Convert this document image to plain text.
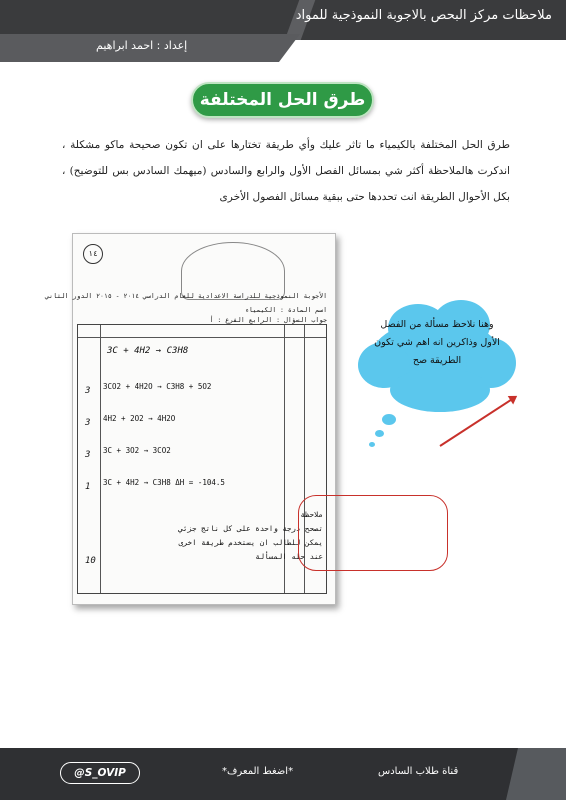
ملاحظات مركز البحص بالاجوبة النموذجية للمواد
إعداد : احمد ابراهيم
طرق الحل المختلفة

طرق الحل المختلفة بالكيمياء ما تاثر عليك وأي طريقة تختارها على ان تكون صحيحة ماكو مشكلة ، اندكرت هالملاحظة أكثر شي بمسائل الفصل الأول والرابع والسادس (ميهمك السادس بس للتوضيح) ، بكل الأحوال الطريقة انت تحددها حتى ببقية مسائل الفصول الأخرى

١٤
الأجوبة النموذجية للدراسة الاعدادية للعام الدراسي ٢٠١٤ - ٢٠١٥ الدور الثاني
اسم المادة : الكيمياء
جواب السؤال : الرابع الفرع : أ
3C + 4H2 → C3H8
3CO2 + 4H2O → C3H8 + 5O2
4H2 + 2O2 → 4H2O
3C + 3O2 → 3CO2
3C + 4H2 → C3H8 ΔH = -104.5
ملاحظة
تصحح درجة واحدة على كل ناتج جزئي
يمكن للطالب ان يستخدم طريقة اخرى
عند حله المسألة
3
3
3
1
10
وهنا نلاحظ مسألة من الفصل الأول وذاكرين انه اهم شي تكون الطريقة صح
@S_OVIP	*اضغط المعرف*	قناة طلاب السادس
